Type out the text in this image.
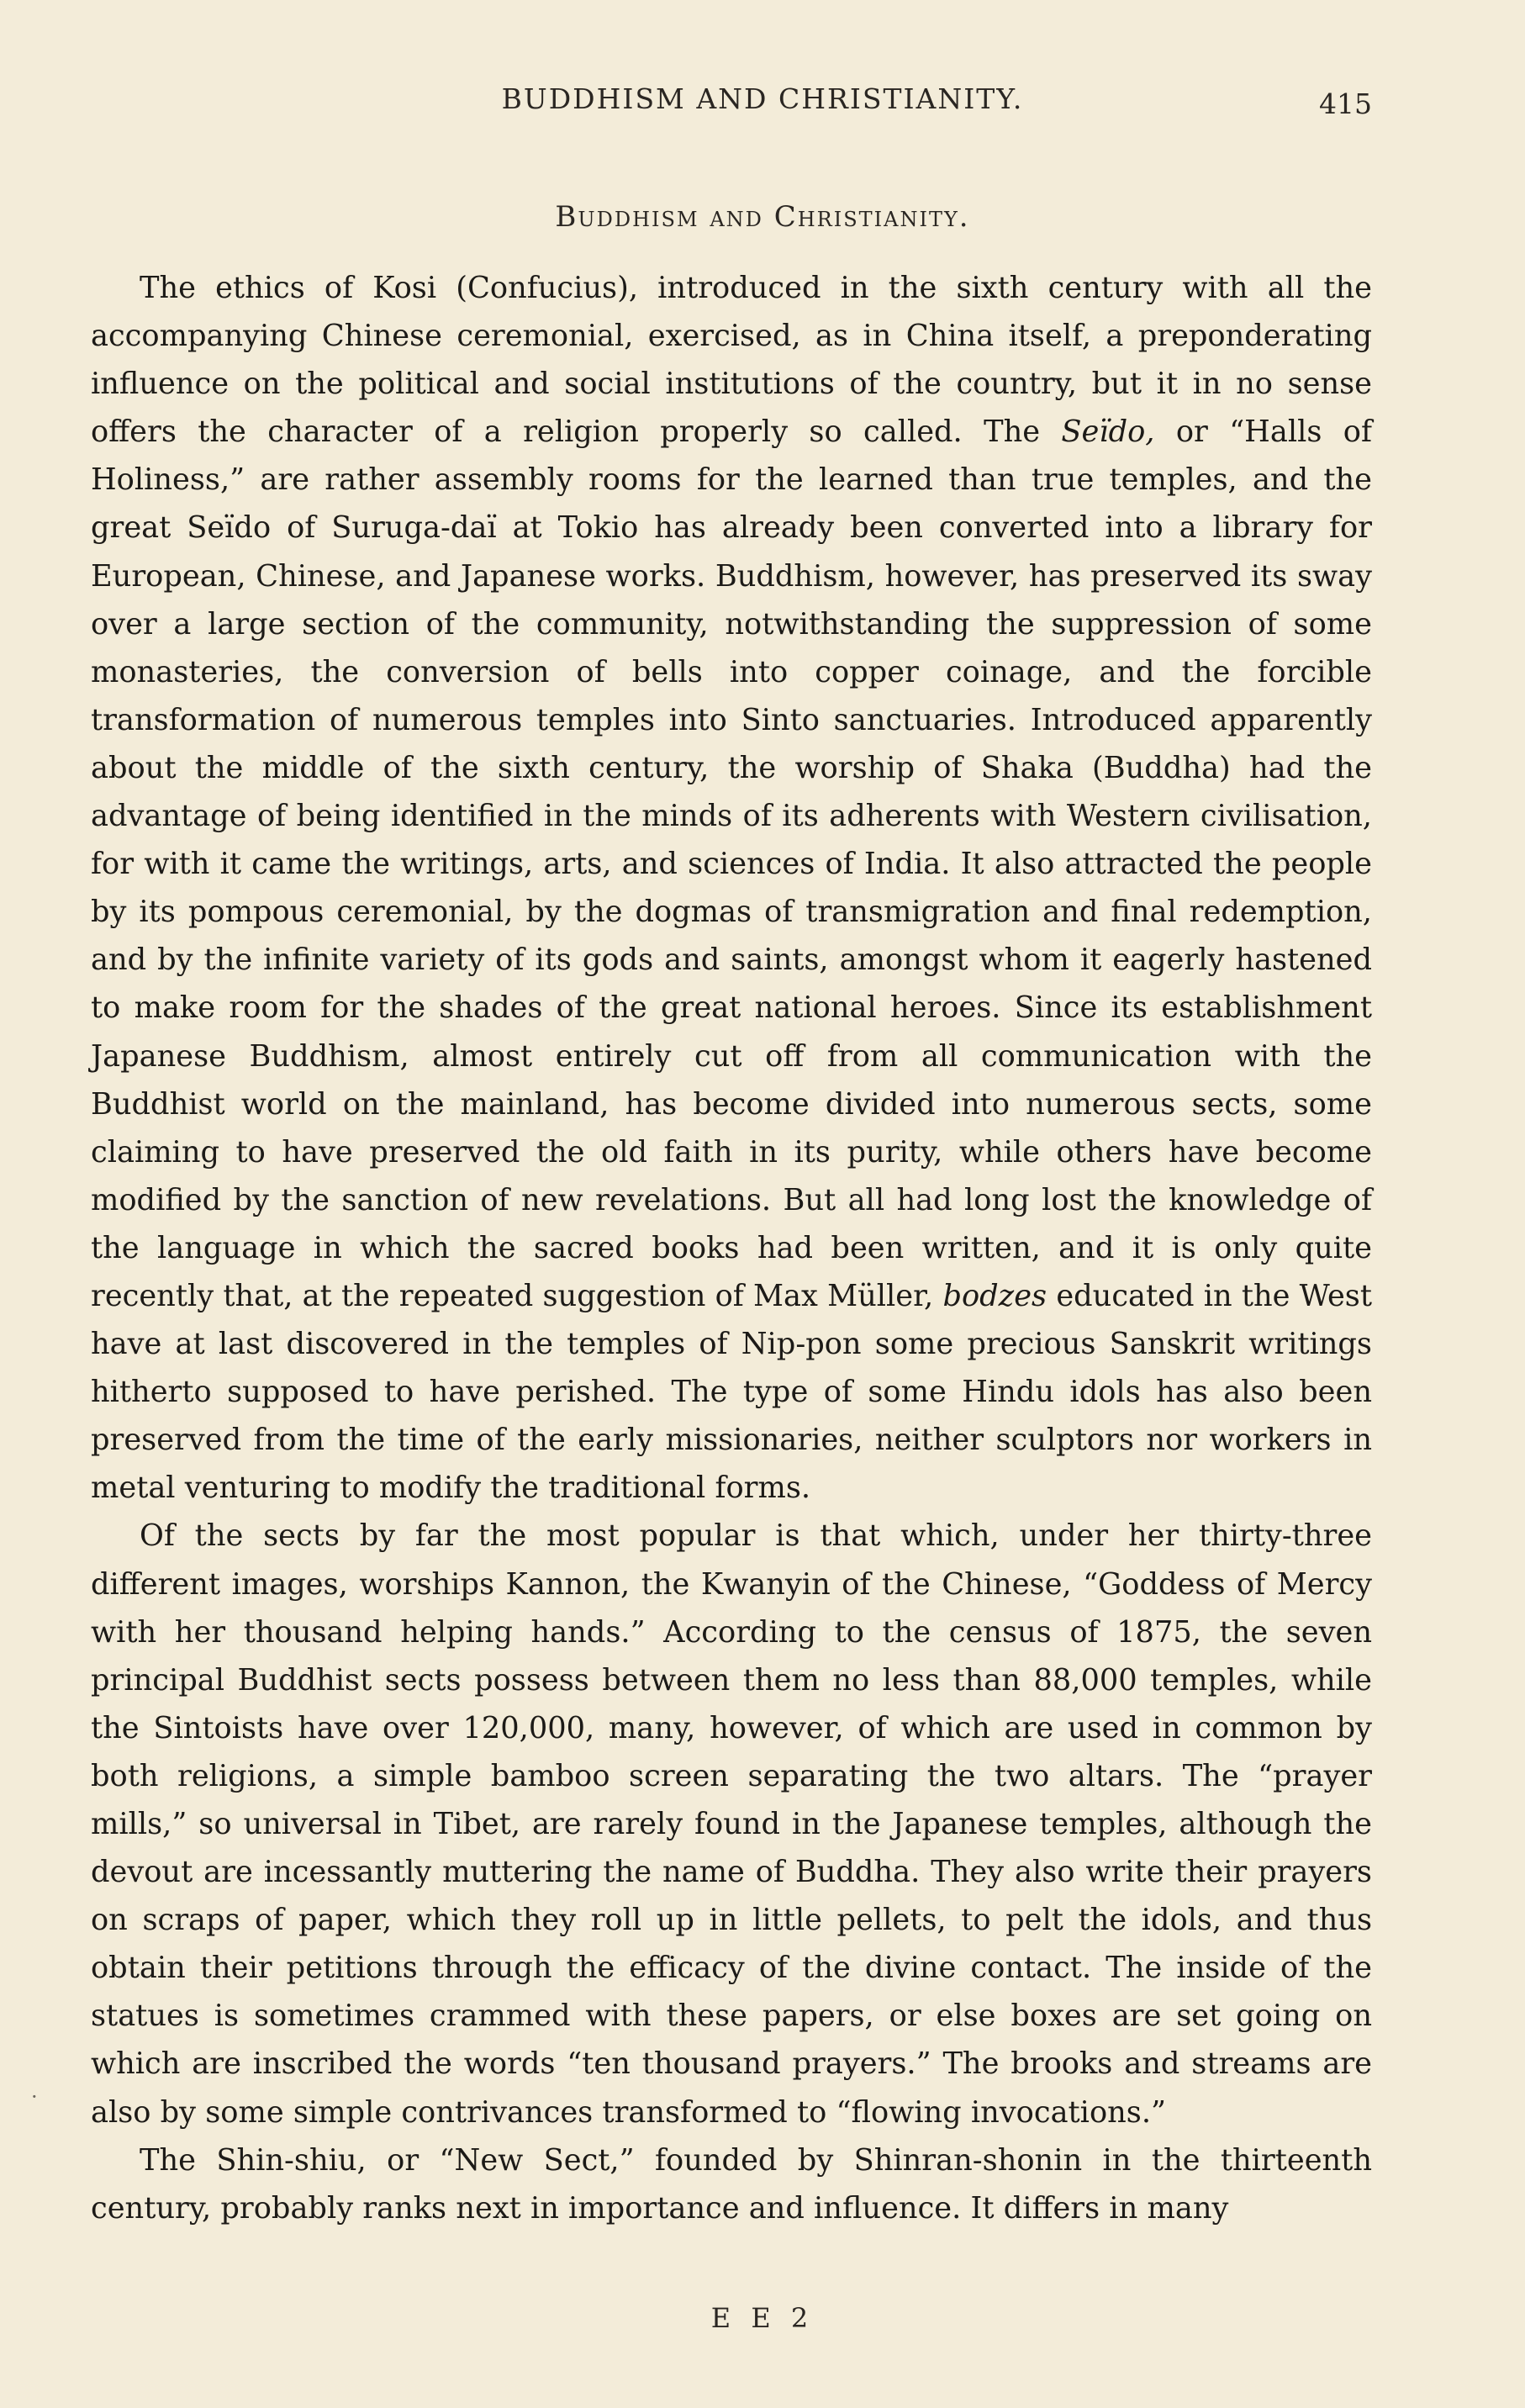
BUDDHISM AND CHRISTIANITY.	415
Buddhism and Christianity.

The ethics of Kosi (Confucius), introduced in the sixth century with all the accompanying Chinese ceremonial, exercised, as in China itself, a preponderating influence on the political and social institutions of the country, but it in no sense offers the character of a religion properly so called. The Seïdo, or “Halls of Holiness,” are rather assembly rooms for the learned than true temples, and the great Seïdo of Suruga-daï at Tokio has already been converted into a library for European, Chinese, and Japanese works. Buddhism, however, has preserved its sway over a large section of the community, notwithstanding the suppression of some monasteries, the conversion of bells into copper coinage, and the forcible transformation of numerous temples into Sinto sanctuaries. Introduced apparently about the middle of the sixth century, the worship of Shaka (Buddha) had the advantage of being identified in the minds of its adherents with Western civilisation, for with it came the writings, arts, and sciences of India. It also attracted the people by its pompous ceremonial, by the dogmas of transmigration and final redemption, and by the infinite variety of its gods and saints, amongst whom it eagerly hastened to make room for the shades of the great national heroes. Since its establishment Japanese Buddhism, almost entirely cut off from all communication with the Buddhist world on the mainland, has become divided into numerous sects, some claiming to have preserved the old faith in its purity, while others have become modified by the sanction of new revelations. But all had long lost the knowledge of the language in which the sacred books had been written, and it is only quite recently that, at the repeated suggestion of Max Müller, bodzes educated in the West have at last discovered in the temples of Nip-pon some precious Sanskrit writings hitherto supposed to have perished. The type of some Hindu idols has also been preserved from the time of the early missionaries, neither sculptors nor workers in metal venturing to modify the traditional forms.

Of the sects by far the most popular is that which, under her thirty-three different images, worships Kannon, the Kwanyin of the Chinese, “Goddess of Mercy with her thousand helping hands.” According to the census of 1875, the seven principal Buddhist sects possess between them no less than 88,000 temples, while the Sintoists have over 120,000, many, however, of which are used in common by both religions, a simple bamboo screen separating the two altars. The “prayer mills,” so universal in Tibet, are rarely found in the Japanese temples, although the devout are incessantly muttering the name of Buddha. They also write their prayers on scraps of paper, which they roll up in little pellets, to pelt the idols, and thus obtain their petitions through the efficacy of the divine contact. The inside of the statues is sometimes crammed with these papers, or else boxes are set going on which are inscribed the words “ten thousand prayers.” The brooks and streams are also by some simple contrivances transformed to “flowing invocations.”

The Shin-shiu, or “New Sect,” founded by Shinran-shonin in the thirteenth century, probably ranks next in importance and influence. It differs in many

E E 2
·
